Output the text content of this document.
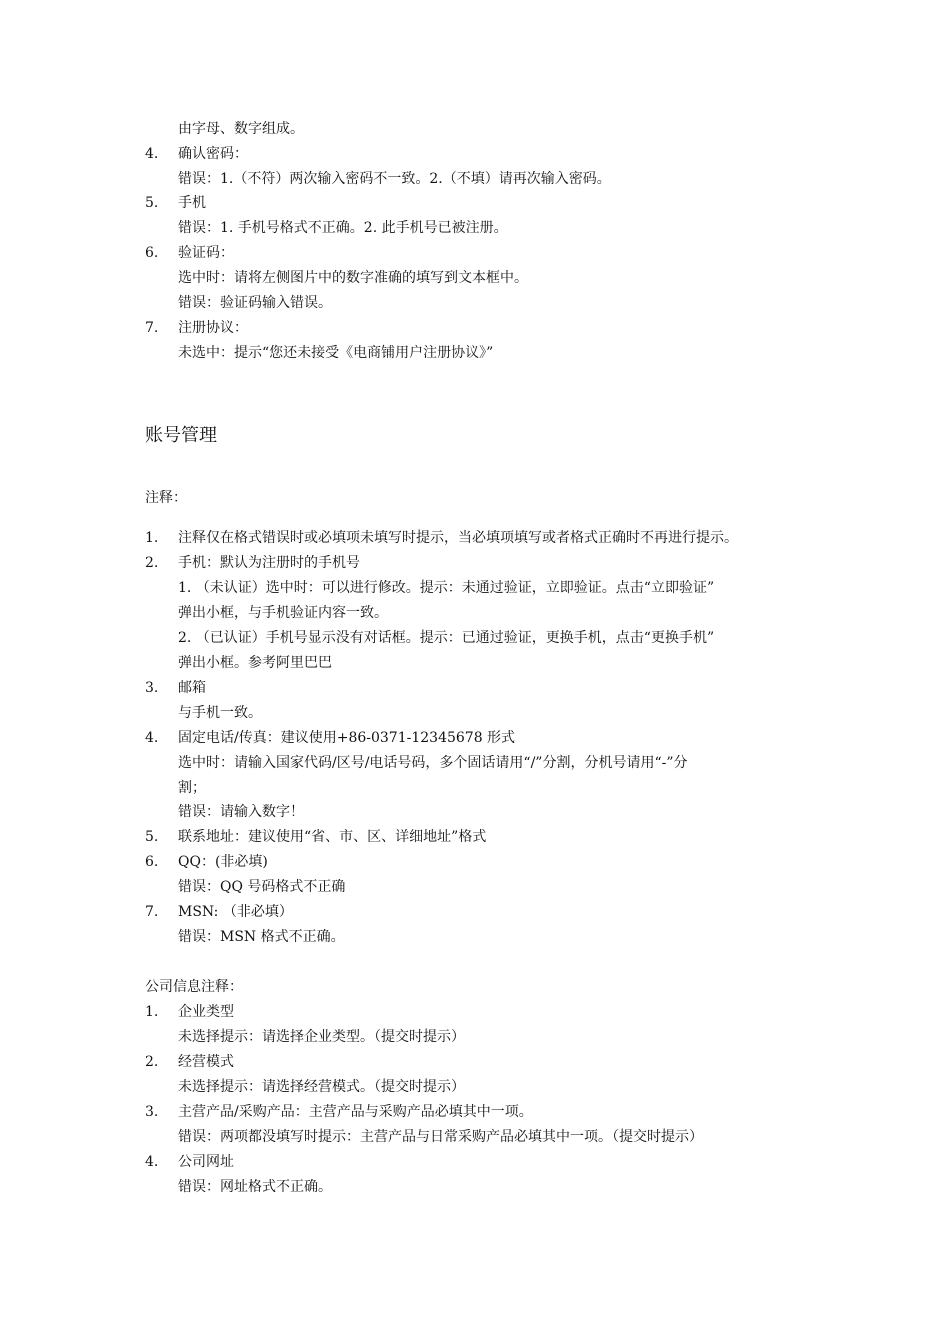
由字母、数字组成。
4. 确认密码：
错误：1.（不符）两次输入密码不一致。2.（不填）请再次输入密码。
5. 手机
错误：1. 手机号格式不正确。2. 此手机号已被注册。
6. 验证码：
选中时：请将左侧图片中的数字准确的填写到文本框中。
错误：验证码输入错误。
7. 注册协议：
未选中：提示“您还未接受《电商铺用户注册协议》”
账号管理
注释：
1. 注释仅在格式错误时或必填项未填写时提示，当必填项填写或者格式正确时不再进行提示。
2. 手机：默认为注册时的手机号
1. （未认证）选中时：可以进行修改。提示：未通过验证，立即验证。点击“立即验证”
弹出小框，与手机验证内容一致。
2. （已认证）手机号显示没有对话框。提示：已通过验证，更换手机，点击“更换手机”
弹出小框。参考阿里巴巴
3. 邮箱
与手机一致。
4. 固定电话/传真：建议使用+86-0371-12345678 形式
选中时：请输入国家代码/区号/电话号码，多个固话请用“/”分割，分机号请用“-”分
割；
错误：请输入数字！
5. 联系地址：建议使用“省、市、区、详细地址”格式
6. QQ：(非必填)
错误：QQ 号码格式不正确
7. MSN: （非必填）
错误：MSN 格式不正确。
公司信息注释：
1. 企业类型
未选择提示：请选择企业类型。（提交时提示）
2. 经营模式
未选择提示：请选择经营模式。（提交时提示）
3. 主营产品/采购产品：主营产品与采购产品必填其中一项。
错误：两项都没填写时提示：主营产品与日常采购产品必填其中一项。（提交时提示）
4. 公司网址
错误：网址格式不正确。
